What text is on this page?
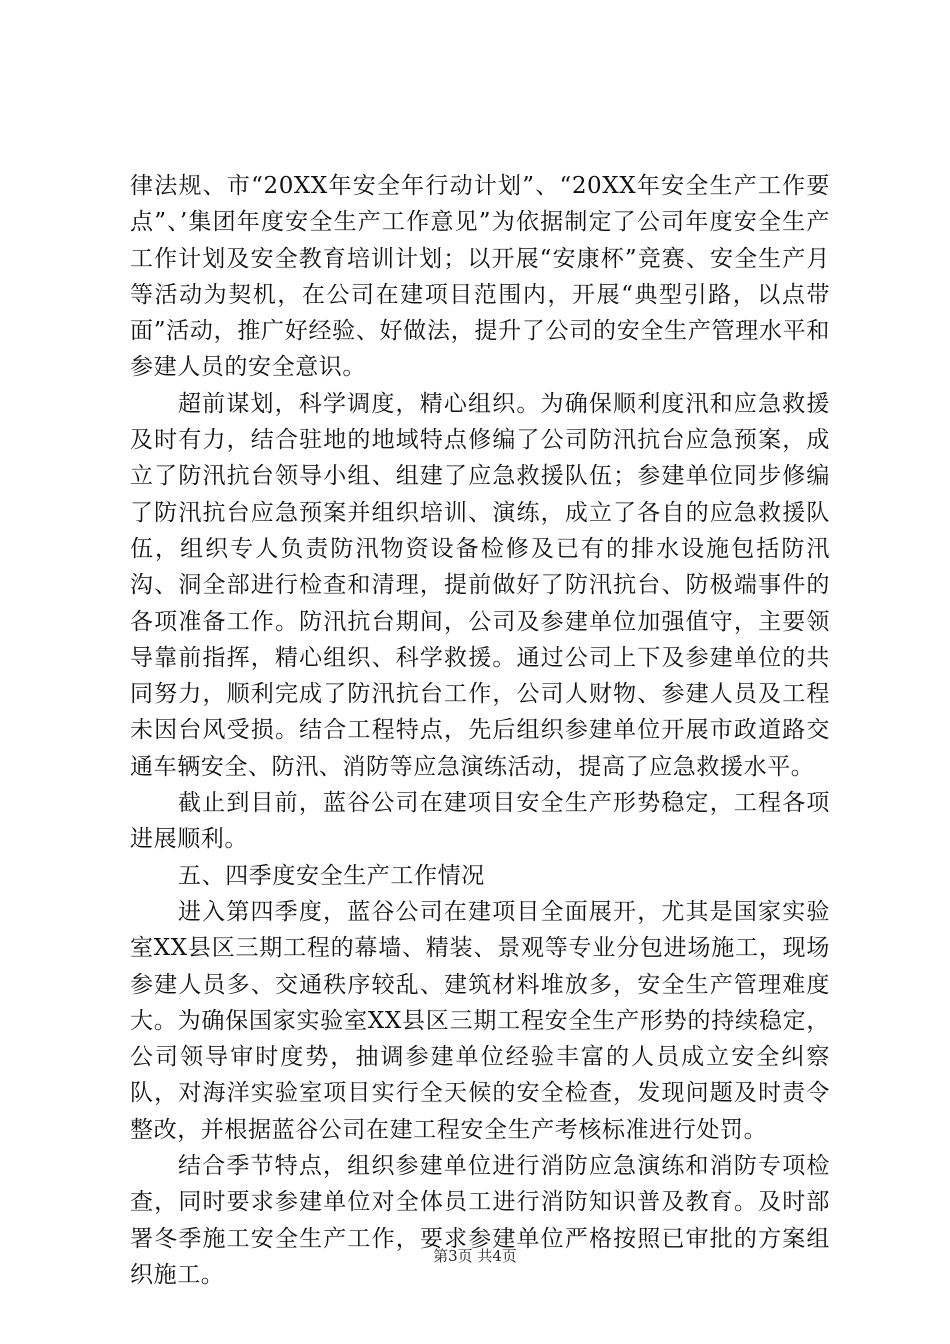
律法规、市“20XX年安全年行动计划”、“20XX年安全生产工作要点”、’集团年度安全生产工作意见”为依据制定了公司年度安全生产工作计划及安全教育培训计划；以开展“安康杯”竞赛、安全生产月等活动为契机，在公司在建项目范围内，开展“典型引路，以点带面”活动，推广好经验、好做法，提升了公司的安全生产管理水平和参建人员的安全意识。

超前谋划，科学调度，精心组织。为确保顺利度汛和应急救援及时有力，结合驻地的地域特点修编了公司防汛抗台应急预案，成立了防汛抗台领导小组、组建了应急救援队伍；参建单位同步修编了防汛抗台应急预案并组织培训、演练，成立了各自的应急救援队伍，组织专人负责防汛物资设备检修及已有的排水设施包括防汛沟、洞全部进行检查和清理，提前做好了防汛抗台、防极端事件的各项准备工作。防汛抗台期间，公司及参建单位加强值守，主要领导靠前指挥，精心组织、科学救援。通过公司上下及参建单位的共同努力，顺利完成了防汛抗台工作，公司人财物、参建人员及工程未因台风受损。结合工程特点，先后组织参建单位开展市政道路交通车辆安全、防汛、消防等应急演练活动，提高了应急救援水平。

截止到目前，蓝谷公司在建项目安全生产形势稳定，工程各项进展顺利。

五、四季度安全生产工作情况

进入第四季度，蓝谷公司在建项目全面展开，尤其是国家实验室XX县区三期工程的幕墙、精装、景观等专业分包进场施工，现场参建人员多、交通秩序较乱、建筑材料堆放多，安全生产管理难度大。为确保国家实验室XX县区三期工程安全生产形势的持续稳定，公司领导审时度势，抽调参建单位经验丰富的人员成立安全纠察队，对海洋实验室项目实行全天候的安全检查，发现问题及时责令整改，并根据蓝谷公司在建工程安全生产考核标准进行处罚。

结合季节特点，组织参建单位进行消防应急演练和消防专项检查，同时要求参建单位对全体员工进行消防知识普及教育。及时部署冬季施工安全生产工作，要求参建单位严格按照已审批的方案组织施工。

第3页 共4页
